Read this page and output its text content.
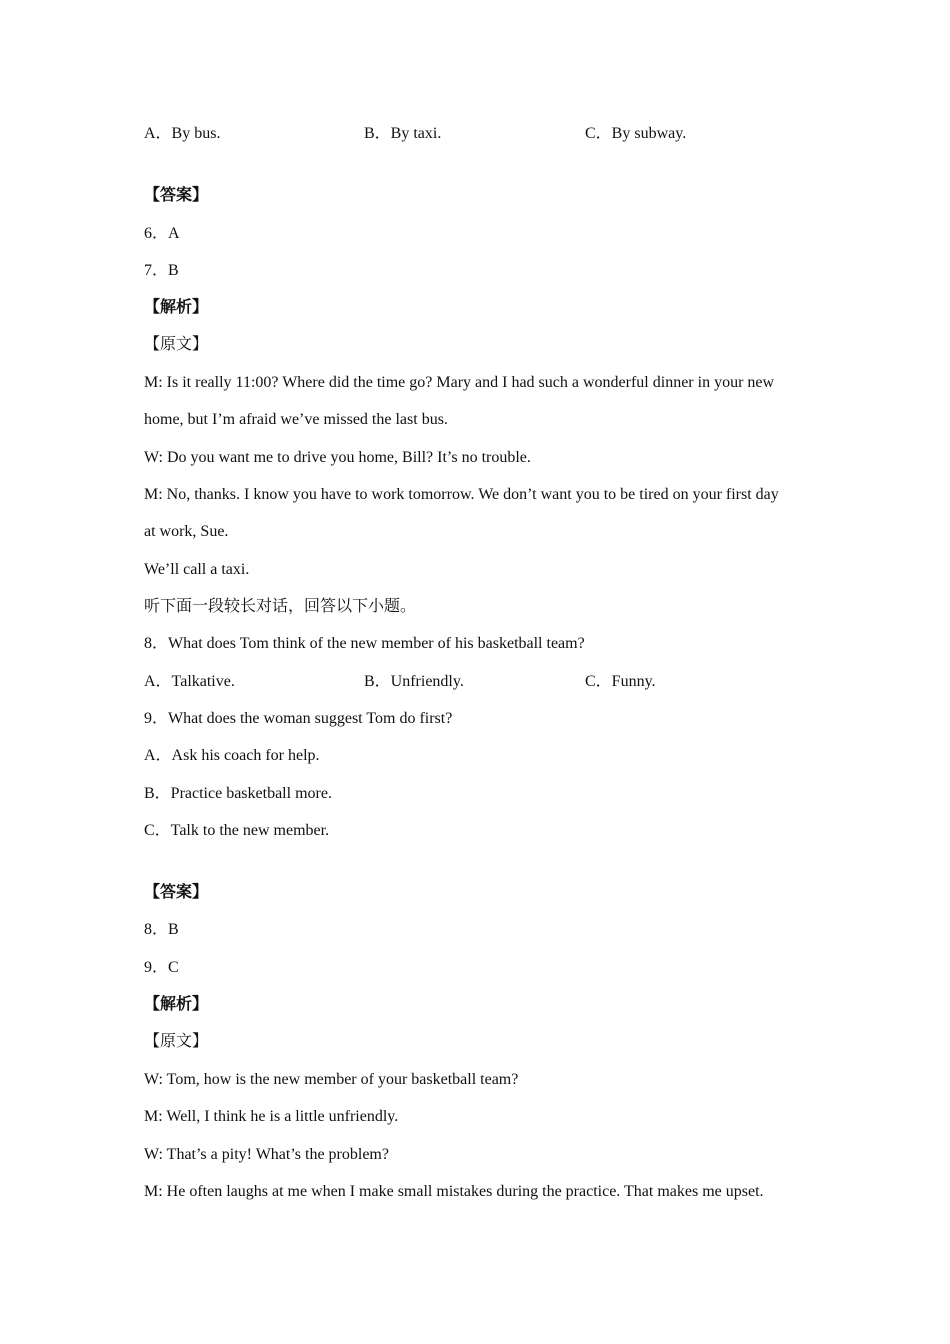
A．By bus.	B．By taxi.	C．By subway.
【答案】
6．A
7．B
【解析】
【原文】
M: Is it really 11:00? Where did the time go? Mary and I had such a wonderful dinner in your new
home, but I’m afraid we’ve missed the last bus.
W: Do you want me to drive you home, Bill? It’s no trouble.
M: No, thanks. I know you have to work tomorrow. We don’t want you to be tired on your first day
at work, Sue.
We’ll call a taxi.
听下面一段较长对话，回答以下小题。
8．What does Tom think of the new member of his basketball team?
A．Talkative.	B．Unfriendly.	C．Funny.
9．What does the woman suggest Tom do first?
A．Ask his coach for help.
B．Practice basketball more.
C．Talk to the new member.
【答案】
8．B
9．C
【解析】
【原文】
W: Tom, how is the new member of your basketball team?
M: Well, I think he is a little unfriendly.
W: That’s a pity! What’s the problem?
M: He often laughs at me when I make small mistakes during the practice. That makes me upset.
